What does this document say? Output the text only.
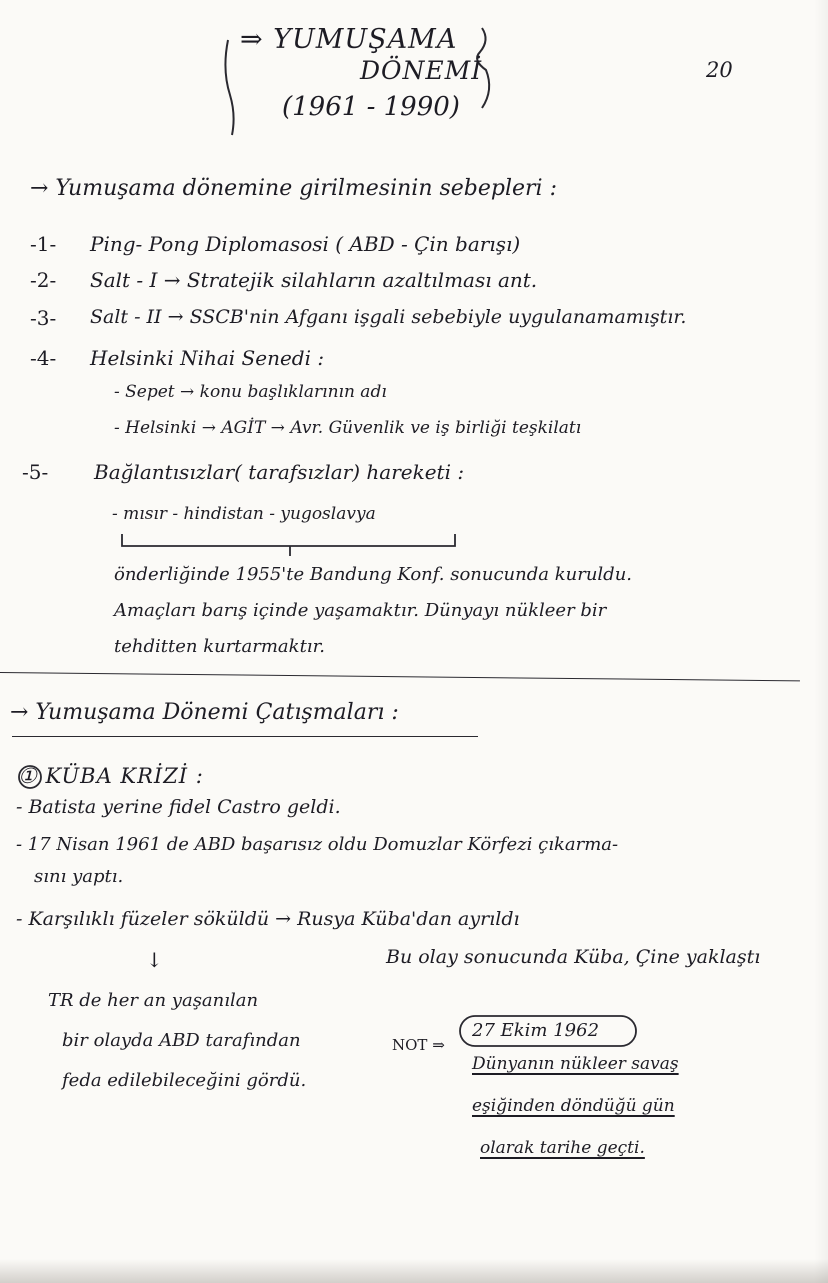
⇒ YUMUŞAMA
DÖNEMİ
(1961 - 1990)
20
→ Yumuşama dönemine girilmesinin sebepleri :
-1- Ping- Pong Diplomasosi ( ABD - Çin barışı)
-2- Salt - I → Stratejik silahların azaltılması ant.
-3- Salt - II → SSCB'nin Afganı işgali sebebiyle uygulanamamıştır.
-4- Helsinki Nihai Senedi :
- Sepet → konu başlıklarının adı
- Helsinki → AGİT → Avr. Güvenlik ve iş birliği teşkilatı
-5- Bağlantısızlar( tarafsızlar) hareketi :
- mısır - hindistan - yugoslavya
önderliğinde 1955'te Bandung Konf. sonucunda kuruldu.
Amaçları barış içinde yaşamaktır. Dünyayı nükleer bir
tehditten kurtarmaktır.
→ Yumuşama Dönemi Çatışmaları :
① KÜBA KRİZİ :
- Batista yerine fidel Castro geldi.
- 17 Nisan 1961 de ABD başarısız oldu Domuzlar Körfezi çıkarma-
sını yaptı.
- Karşılıklı füzeler söküldü → Rusya Küba'dan ayrıldı
Bu olay sonucunda Küba, Çine yaklaştı
↓
TR de her an yaşanılan
bir olayda ABD tarafından
feda edilebileceğini gördü.
NOT ⇒
27 Ekim 1962
Dünyanın nükleer savaş
eşiğinden döndüğü gün
olarak tarihe geçti.
